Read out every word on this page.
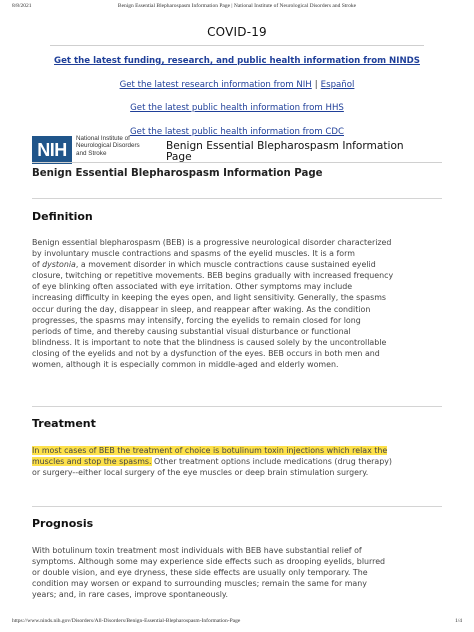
8/8/2021	Benign Essential Blepharospasm Information Page | National Institute of Neurological Disorders and Stroke
COVID-19
Get the latest funding, research, and public health information from NINDS
Get the latest research information from NIH | Español
Get the latest public health information from HHS
Get the latest public health information from CDC
NIH
National Institute of
Neurological Disorders
and Stroke
Benign Essential Blepharospasm Information
Page
Benign Essential Blepharospasm Information Page
Definition
Benign essential blepharospasm (BEB) is a progressive neurological disorder characterized
by involuntary muscle contractions and spasms of the eyelid muscles. It is a form
of dystonia, a movement disorder in which muscle contractions cause sustained eyelid
closure, twitching or repetitive movements. BEB begins gradually with increased frequency
of eye blinking often associated with eye irritation. Other symptoms may include
increasing difficulty in keeping the eyes open, and light sensitivity. Generally, the spasms
occur during the day, disappear in sleep, and reappear after waking. As the condition
progresses, the spasms may intensify, forcing the eyelids to remain closed for long
periods of time, and thereby causing substantial visual disturbance or functional
blindness. It is important to note that the blindness is caused solely by the uncontrollable
closing of the eyelids and not by a dysfunction of the eyes. BEB occurs in both men and
women, although it is especially common in middle-aged and elderly women.
Treatment
In most cases of BEB the treatment of choice is botulinum toxin injections which relax the
muscles and stop the spasms. Other treatment options include medications (drug therapy)
or surgery--either local surgery of the eye muscles or deep brain stimulation surgery.
Prognosis
With botulinum toxin treatment most individuals with BEB have substantial relief of
symptoms. Although some may experience side effects such as drooping eyelids, blurred
or double vision, and eye dryness, these side effects are usually only temporary. The
condition may worsen or expand to surrounding muscles; remain the same for many
years; and, in rare cases, improve spontaneously.
https://www.ninds.nih.gov/Disorders/All-Disorders/Benign-Essential-Blepharospasm-Information-Page	1/4
